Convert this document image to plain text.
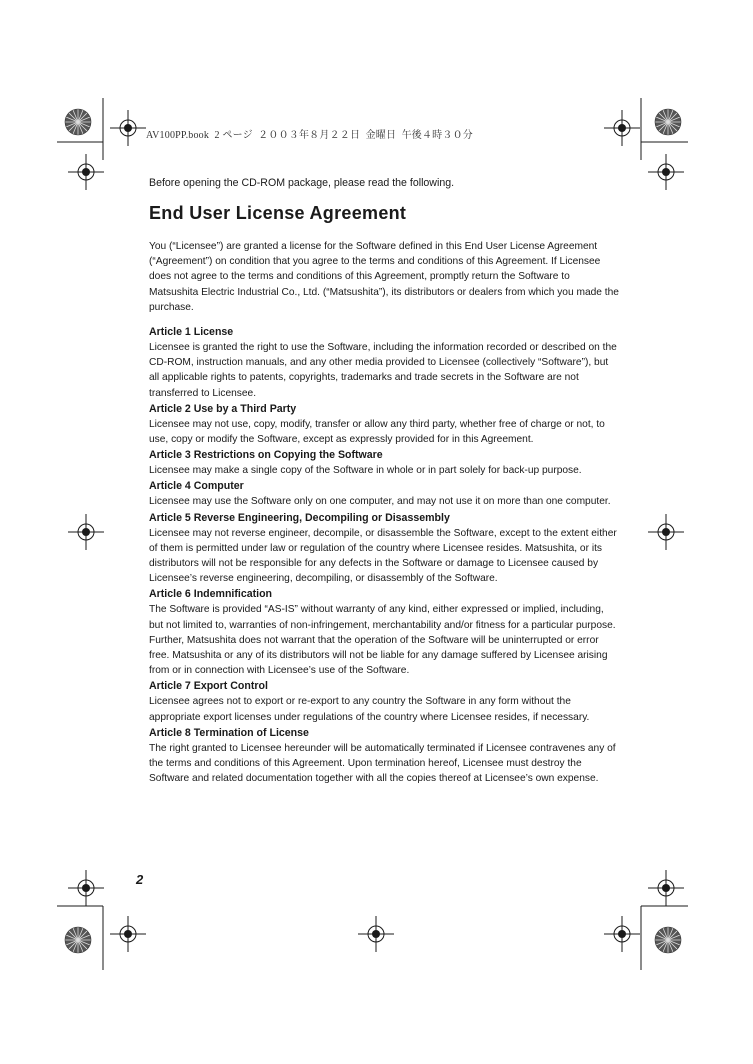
AV100PP.book  2 ページ  ２００３年８月２２日  金曜日  午後４時３０分
Before opening the CD-ROM package, please read the following.
End User License Agreement

You (“Licensee”) are granted a license for the Software defined in this End User License Agreement (“Agreement”) on condition that you agree to the terms and conditions of this Agreement. If Licensee does not agree to the terms and conditions of this Agreement, promptly return the Software to Matsushita Electric Industrial Co., Ltd. (“Matsushita”), its distributors or dealers from which you made the purchase.

Article 1 License

Licensee is granted the right to use the Software, including the information recorded or described on the CD-ROM, instruction manuals, and any other media provided to Licensee (collectively “Software”), but all applicable rights to patents, copyrights, trademarks and trade secrets in the Software are not transferred to Licensee.

Article 2 Use by a Third Party

Licensee may not use, copy, modify, transfer or allow any third party, whether free of charge or not, to use, copy or modify the Software, except as expressly provided for in this Agreement.

Article 3 Restrictions on Copying the Software

Licensee may make a single copy of the Software in whole or in part solely for back-up purpose.

Article 4 Computer

Licensee may use the Software only on one computer, and may not use it on more than one computer.

Article 5 Reverse Engineering, Decompiling or Disassembly

Licensee may not reverse engineer, decompile, or disassemble the Software, except to the extent either of them is permitted under law or regulation of the country where Licensee resides. Matsushita, or its distributors will not be responsible for any defects in the Software or damage to Licensee caused by Licensee’s reverse engineering, decompiling, or disassembly of the Software.

Article 6 Indemnification

The Software is provided “AS-IS” without warranty of any kind, either expressed or implied, including, but not limited to, warranties of non-infringement, merchantability and/or fitness for a particular purpose. Further, Matsushita does not warrant that the operation of the Software will be uninterrupted or error free. Matsushita or any of its distributors will not be liable for any damage suffered by Licensee arising from or in connection with Licensee’s use of the Software.

Article 7 Export Control

Licensee agrees not to export or re-export to any country the Software in any form without the appropriate export licenses under regulations of the country where Licensee resides, if necessary.

Article 8 Termination of License

The right granted to Licensee hereunder will be automatically terminated if Licensee contravenes any of the terms and conditions of this Agreement. Upon termination hereof, Licensee must destroy the Software and related documentation together with all the copies thereof at Licensee’s own expense.

2
